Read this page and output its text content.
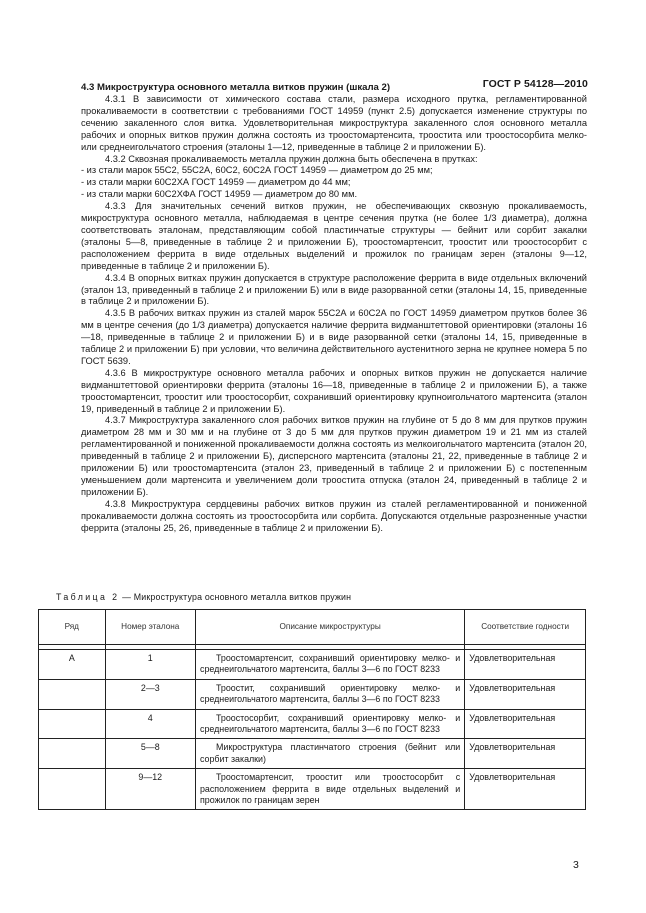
ГОСТ Р 54128—2010
4.3 Микроструктура основного металла витков пружин (шкала 2)

4.3.1 В зависимости от химического состава стали, размера исходного прутка, регламентированной прокаливаемости в соответствии с требованиями ГОСТ 14959 (пункт 2.5) допускается изменение структуры по сечению закаленного слоя витка. Удовлетворительная микроструктура закаленного слоя основного металла рабочих и опорных витков пружин должна состоять из троостомартенсита, троостита или троостосорбита мелко- или среднеигольчатого строения (эталоны 1—12, приведенные в таблице 2 и приложении Б).

4.3.2 Сквозная прокаливаемость металла пружин должна быть обеспечена в прутках:

- из стали марок 55С2, 55С2А, 60С2, 60С2А ГОСТ 14959 — диаметром до 25 мм;

- из стали марки 60С2ХА ГОСТ 14959 — диаметром до 44 мм;

- из стали марки 60С2ХФА ГОСТ 14959 — диаметром до 80 мм.

4.3.3 Для значительных сечений витков пружин, не обеспечивающих сквозную прокаливаемость, микроструктура основного металла, наблюдаемая в центре сечения прутка (не более 1/3 диаметра), должна соответствовать эталонам, представляющим собой пластинчатые структуры — бейнит или сорбит закалки (эталоны 5—8, приведенные в таблице 2 и приложении Б), троостомартенсит, троостит или троостосорбит с расположением феррита в виде отдельных выделений и прожилок по границам зерен (эталоны 9—12, приведенные в таблице 2 и приложении Б).

4.3.4 В опорных витках пружин допускается в структуре расположение феррита в виде отдельных включений (эталон 13, приведенный в таблице 2 и приложении Б) или в виде разорванной сетки (эталоны 14, 15, приведенные в таблице 2 и приложении Б).

4.3.5 В рабочих витках пружин из сталей марок 55С2А и 60С2А по ГОСТ 14959 диаметром прутков более 36 мм в центре сечения (до 1/3 диаметра) допускается наличие феррита видманштеттовой ориентировки (эталоны 16—18, приведенные в таблице 2 и приложении Б) и в виде разорванной сетки (эталоны 14, 15, приведенные в таблице 2 и приложении Б) при условии, что величина действительного аустенитного зерна не крупнее номера 5 по ГОСТ 5639.

4.3.6 В микроструктуре основного металла рабочих и опорных витков пружин не допускается наличие видманштеттовой ориентировки феррита (эталоны 16—18, приведенные в таблице 2 и приложении Б), а также троостомартенсит, троостит или троостосорбит, сохранивший ориентировку крупноигольчатого мартенсита (эталон 19, приведенный в таблице 2 и приложении Б).

4.3.7 Микроструктура закаленного слоя рабочих витков пружин на глубине от 5 до 8 мм для прутков пружин диаметром 28 мм и 30 мм и на глубине от 3 до 5 мм для прутков пружин диаметром 19 и 21 мм из сталей регламентированной и пониженной прокаливаемости должна состоять из мелкоигольчатого мартенсита (эталон 20, приведенный в таблице 2 и приложении Б), дисперсного мартенсита (эталоны 21, 22, приведенные в таблице 2 и приложении Б) или троостомартенсита (эталон 23, приведенный в таблице 2 и приложении Б) с постепенным уменьшением доли мартенсита и увеличением доли троостита отпуска (эталон 24, приведенный в таблице 2 и приложении Б).

4.3.8 Микроструктура сердцевины рабочих витков пружин из сталей регламентированной и пониженной прокаливаемости должна состоять из троостосорбита или сорбита. Допускаются отдельные разрозненные участки феррита (эталоны 25, 26, приведенные в таблице 2 и приложении Б).

Таблица 2 — Микроструктура основного металла витков пружин
Ряд	Номер эталона	Описание микроструктуры	Соответствие годности

А	1	Троостомартенсит, сохранивший ориентировку мелко- и среднеигольчатого мартенсита, баллы 3—6 по ГОСТ 8233	Удовлетворительная
	2—3	Троостит, сохранивший ориентировку мелко- и среднеигольчатого мартенсита, баллы 3—6 по ГОСТ 8233	Удовлетворительная
	4	Троостосорбит, сохранивший ориентировку мелко- и среднеигольчатого мартенсита, баллы 3—6 по ГОСТ 8233	Удовлетворительная
	5—8	Микроструктура пластинчатого строения (бейнит или сорбит закалки)	Удовлетворительная
	9—12	Троостомартенсит, троостит или троостосорбит с расположением феррита в виде отдельных выделений и прожилок по границам зерен	Удовлетворительная
3
